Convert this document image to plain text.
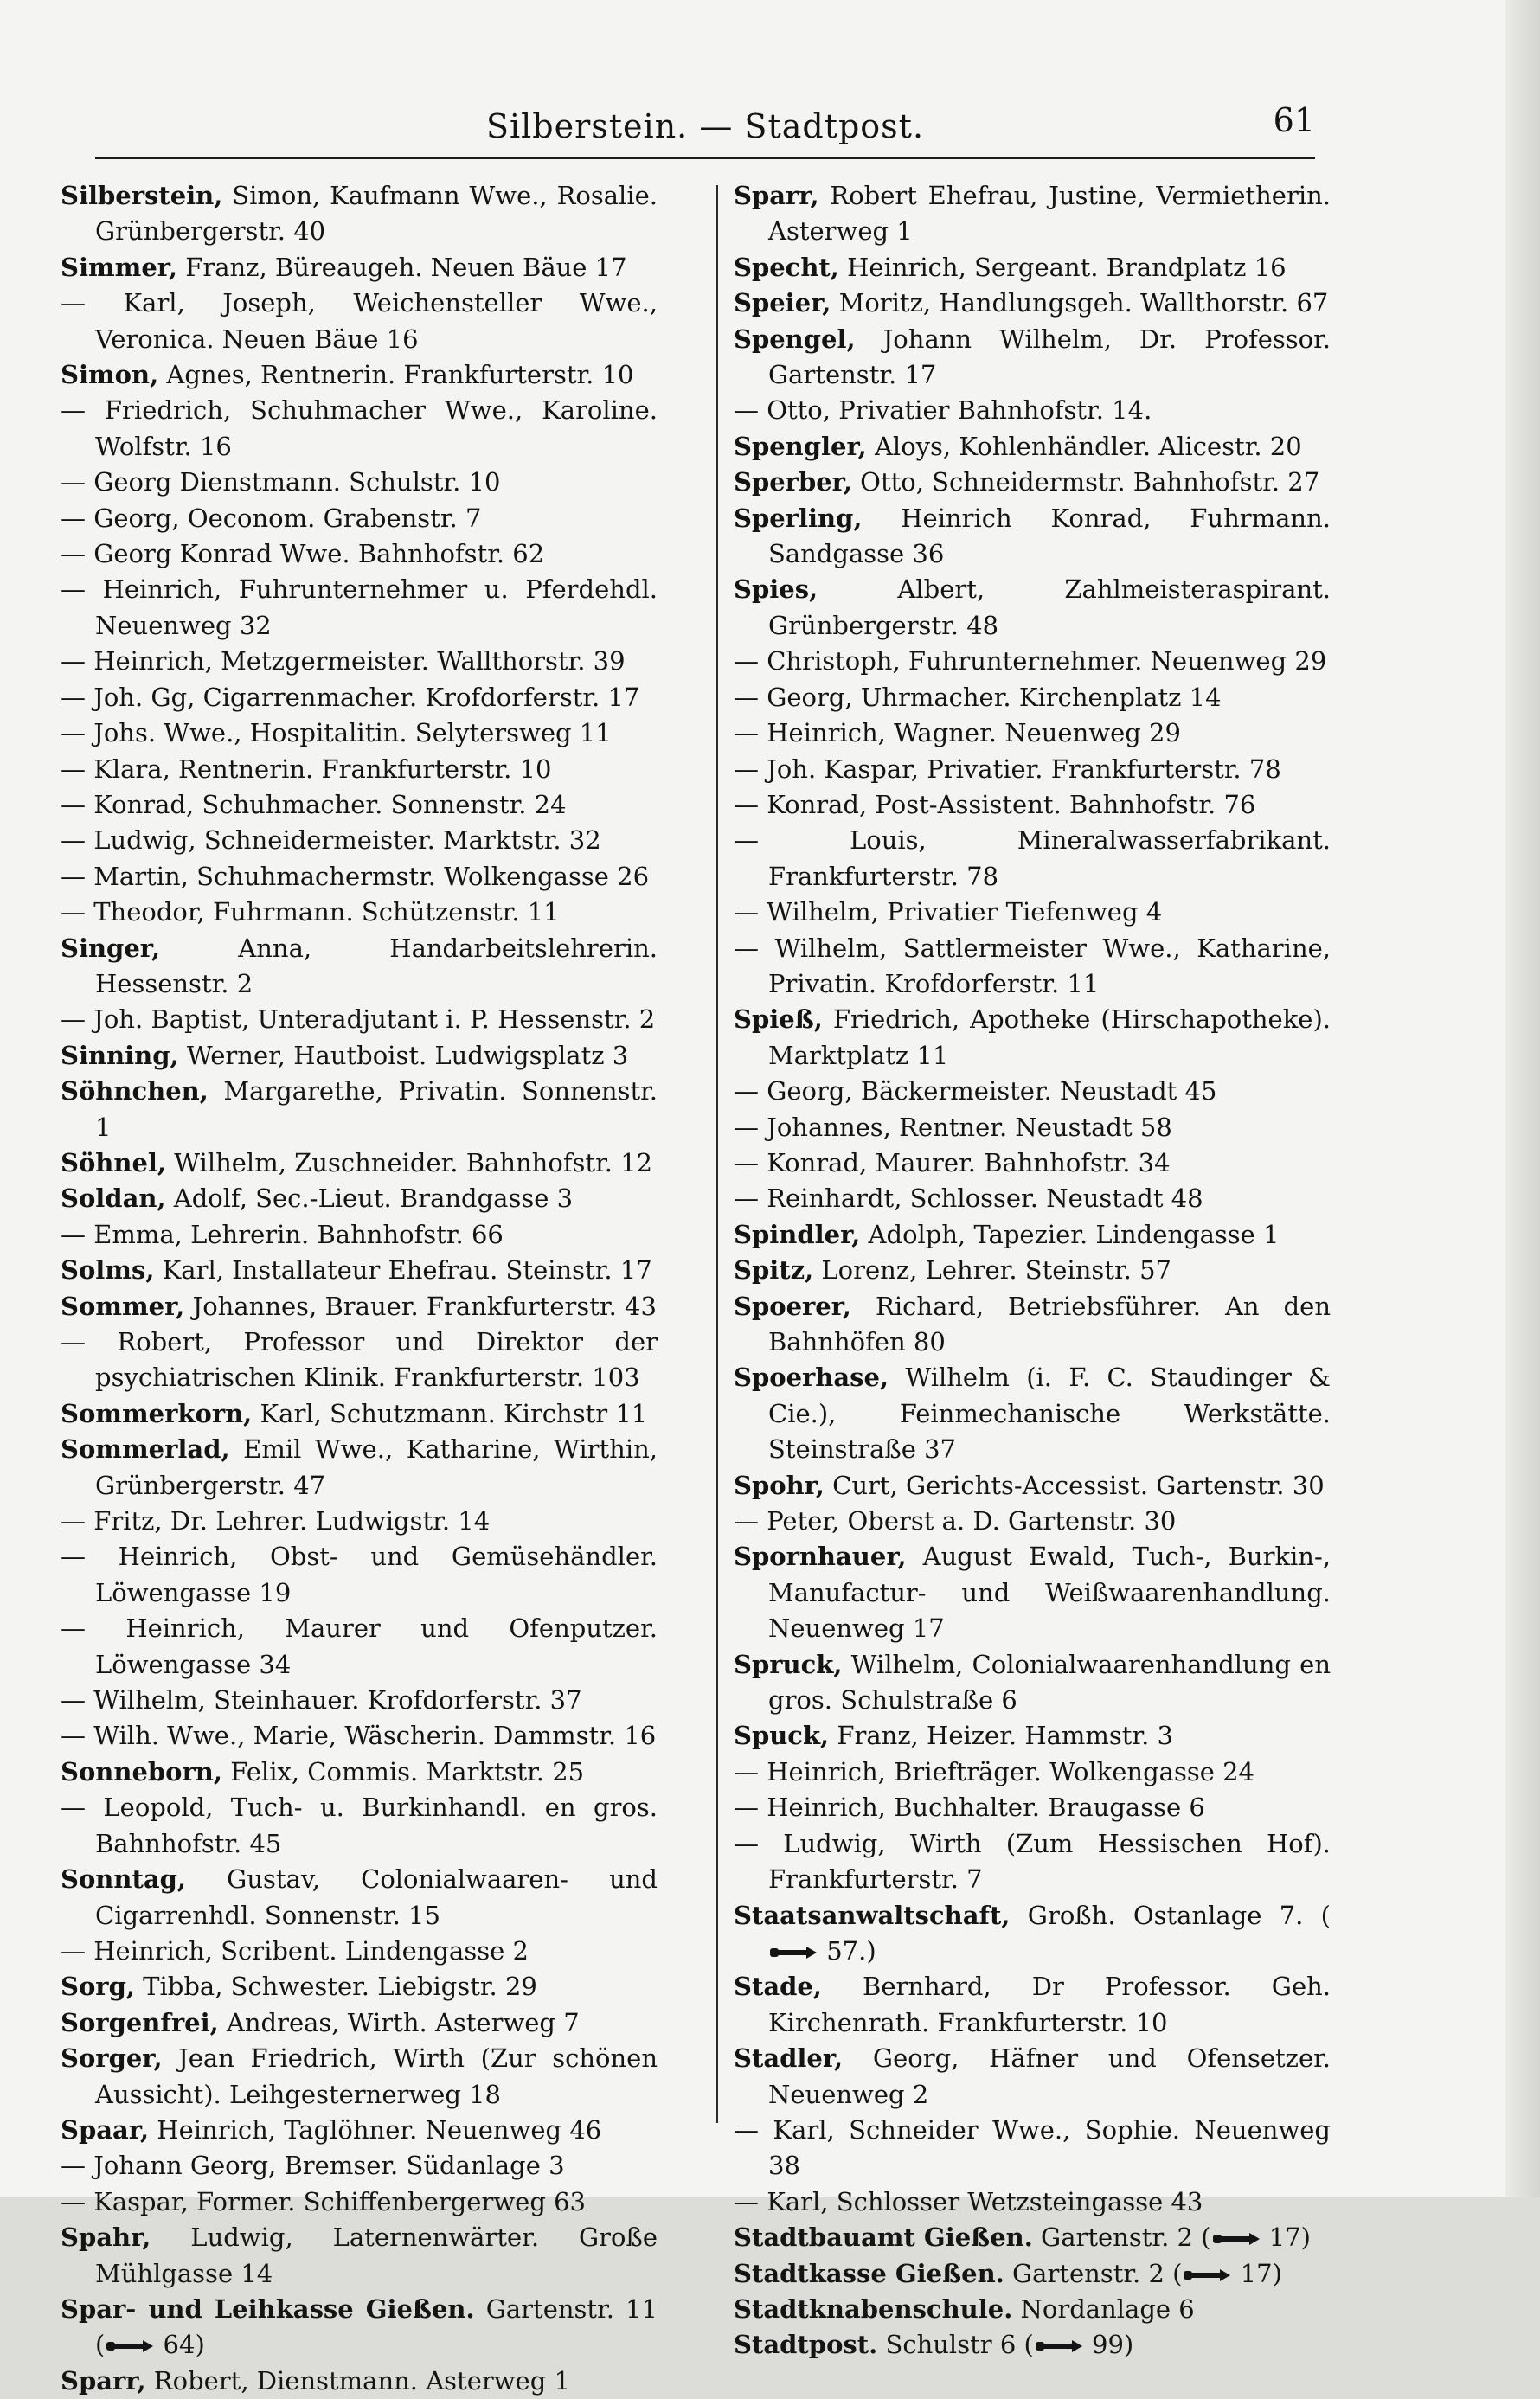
Silberstein. — Stadtpost.	61
Silberstein, Simon, Kaufmann Wwe., Rosalie. Grünbergerstr. 40
Simmer, Franz, Büreaugeh. Neuen Bäue 17
— Karl, Joseph, Weichensteller Wwe., Veronica. Neuen Bäue 16
Simon, Agnes, Rentnerin. Frankfurterstr. 10
— Friedrich, Schuhmacher Wwe., Karoline. Wolfstr. 16
— Georg Dienstmann. Schulstr. 10
— Georg, Oeconom. Grabenstr. 7
— Georg Konrad Wwe. Bahnhofstr. 62
— Heinrich, Fuhrunternehmer u. Pferdehdl. Neuenweg 32
— Heinrich, Metzgermeister. Wallthorstr. 39
— Joh. Gg, Cigarrenmacher. Krofdorferstr. 17
— Johs. Wwe., Hospitalitin. Selytersweg 11
— Klara, Rentnerin. Frankfurterstr. 10
— Konrad, Schuhmacher. Sonnenstr. 24
— Ludwig, Schneidermeister. Marktstr. 32
— Martin, Schuhmachermstr. Wolkengasse 26
— Theodor, Fuhrmann. Schützenstr. 11
Singer, Anna, Handarbeitslehrerin. Hessenstr. 2
— Joh. Baptist, Unteradjutant i. P. Hessenstr. 2
Sinning, Werner, Hautboist. Ludwigsplatz 3
Söhnchen, Margarethe, Privatin. Sonnenstr. 1
Söhnel, Wilhelm, Zuschneider. Bahnhofstr. 12
Soldan, Adolf, Sec.-Lieut. Brandgasse 3
— Emma, Lehrerin. Bahnhofstr. 66
Solms, Karl, Installateur Ehefrau. Steinstr. 17
Sommer, Johannes, Brauer. Frankfurterstr. 43
— Robert, Professor und Direktor der psychiatrischen Klinik. Frankfurterstr. 103
Sommerkorn, Karl, Schutzmann. Kirchstr 11
Sommerlad, Emil Wwe., Katharine, Wirthin, Grünbergerstr. 47
— Fritz, Dr. Lehrer. Ludwigstr. 14
— Heinrich, Obst- und Gemüsehändler. Löwengasse 19
— Heinrich, Maurer und Ofenputzer. Löwengasse 34
— Wilhelm, Steinhauer. Krofdorferstr. 37
— Wilh. Wwe., Marie, Wäscherin. Dammstr. 16
Sonneborn, Felix, Commis. Marktstr. 25
— Leopold, Tuch- u. Burkinhandl. en gros. Bahnhofstr. 45
Sonntag, Gustav, Colonialwaaren- und Cigarrenhdl. Sonnenstr. 15
— Heinrich, Scribent. Lindengasse 2
Sorg, Tibba, Schwester. Liebigstr. 29
Sorgenfrei, Andreas, Wirth. Asterweg 7
Sorger, Jean Friedrich, Wirth (Zur schönen Aussicht). Leihgesternerweg 18
Spaar, Heinrich, Taglöhner. Neuenweg 46
— Johann Georg, Bremser. Südanlage 3
— Kaspar, Former. Schiffenbergerweg 63
Spahr, Ludwig, Laternenwärter. Große Mühlgasse 14
Spar- und Leihkasse Gießen. Gartenstr. 11 ( 64)
Sparr, Robert, Dienstmann. Asterweg 1
Sparr, Robert Ehefrau, Justine, Vermietherin. Asterweg 1
Specht, Heinrich, Sergeant. Brandplatz 16
Speier, Moritz, Handlungsgeh. Wallthorstr. 67
Spengel, Johann Wilhelm, Dr. Professor. Gartenstr. 17
— Otto, Privatier Bahnhofstr. 14.
Spengler, Aloys, Kohlenhändler. Alicestr. 20
Sperber, Otto, Schneidermstr. Bahnhofstr. 27
Sperling, Heinrich Konrad, Fuhrmann. Sandgasse 36
Spies, Albert, Zahlmeisteraspirant. Grünbergerstr. 48
— Christoph, Fuhrunternehmer. Neuenweg 29
— Georg, Uhrmacher. Kirchenplatz 14
— Heinrich, Wagner. Neuenweg 29
— Joh. Kaspar, Privatier. Frankfurterstr. 78
— Konrad, Post-Assistent. Bahnhofstr. 76
— Louis, Mineralwasserfabrikant. Frankfurterstr. 78
— Wilhelm, Privatier Tiefenweg 4
— Wilhelm, Sattlermeister Wwe., Katharine, Privatin. Krofdorferstr. 11
Spieß, Friedrich, Apotheke (Hirschapotheke). Marktplatz 11
— Georg, Bäckermeister. Neustadt 45
— Johannes, Rentner. Neustadt 58
— Konrad, Maurer. Bahnhofstr. 34
— Reinhardt, Schlosser. Neustadt 48
Spindler, Adolph, Tapezier. Lindengasse 1
Spitz, Lorenz, Lehrer. Steinstr. 57
Spoerer, Richard, Betriebsführer. An den Bahnhöfen 80
Spoerhase, Wilhelm (i. F. C. Staudinger & Cie.), Feinmechanische Werkstätte. Steinstraße 37
Spohr, Curt, Gerichts-Accessist. Gartenstr. 30
— Peter, Oberst a. D. Gartenstr. 30
Spornhauer, August Ewald, Tuch-, Burkin-, Manufactur- und Weißwaarenhandlung. Neuenweg 17
Spruck, Wilhelm, Colonialwaarenhandlung en gros. Schulstraße 6
Spuck, Franz, Heizer. Hammstr. 3
— Heinrich, Briefträger. Wolkengasse 24
— Heinrich, Buchhalter. Braugasse 6
— Ludwig, Wirth (Zum Hessischen Hof). Frankfurterstr. 7
Staatsanwaltschaft, Großh. Ostanlage 7. ( 57.)
Stade, Bernhard, Dr Professor. Geh. Kirchenrath. Frankfurterstr. 10
Stadler, Georg, Häfner und Ofensetzer. Neuenweg 2
— Karl, Schneider Wwe., Sophie. Neuenweg 38
— Karl, Schlosser Wetzsteingasse 43
Stadtbauamt Gießen. Gartenstr. 2 ( 17)
Stadtkasse Gießen. Gartenstr. 2 ( 17)
Stadtknabenschule. Nordanlage 6
Stadtpost. Schulstr 6 ( 99)
